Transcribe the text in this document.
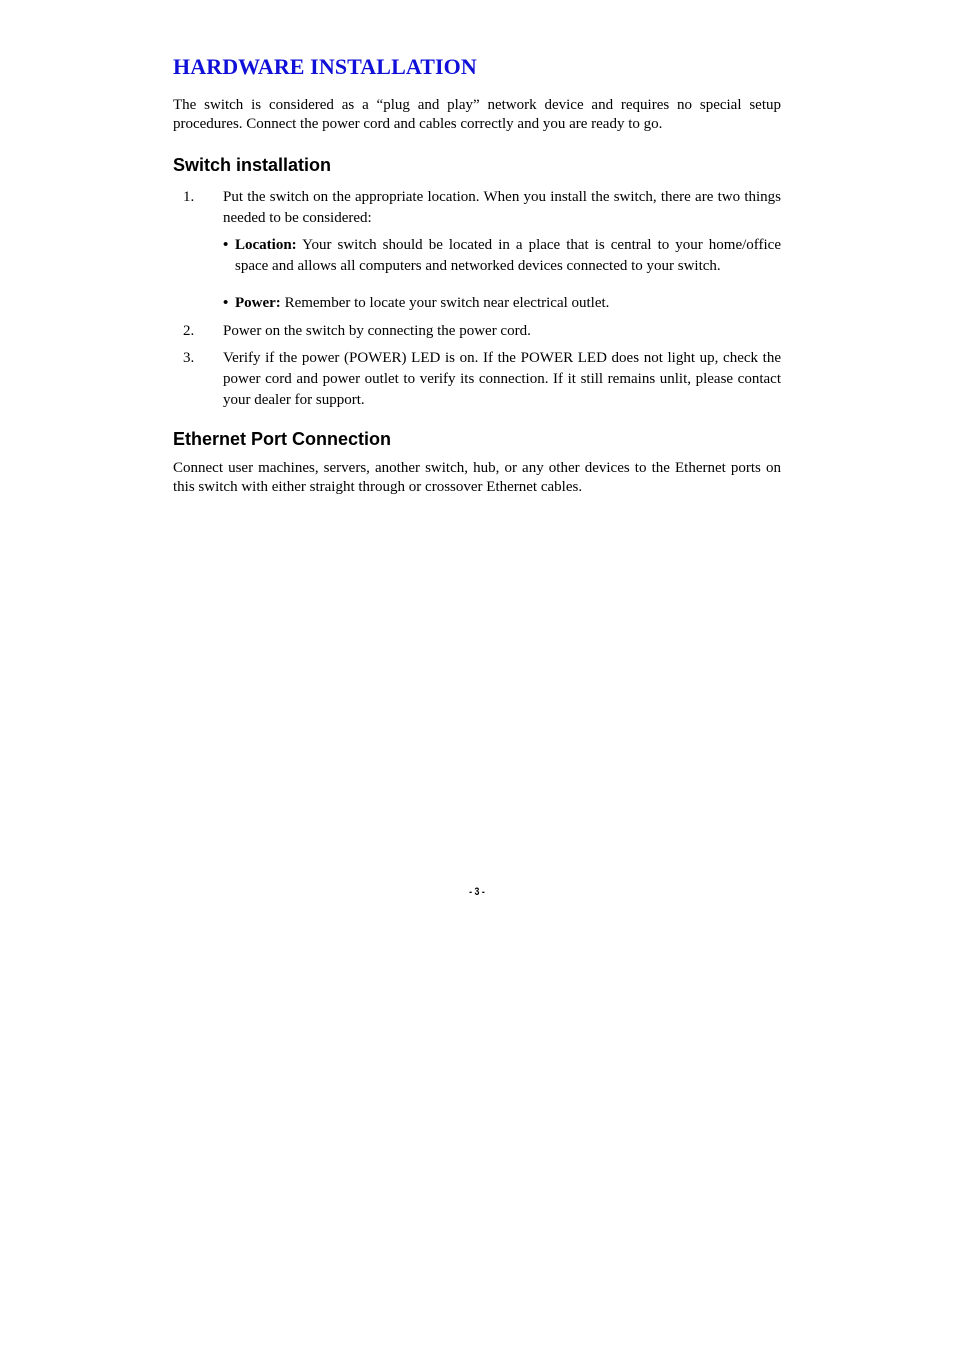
HARDWARE INSTALLATION

The switch is considered as a “plug and play” network device and requires no special setup procedures. Connect the power cord and cables correctly and you are ready to go.

Switch installation
1. Put the switch on the appropriate location. When you install the switch, there are two things needed to be considered:
• Location: Your switch should be located in a place that is central to your home/office space and allows all computers and networked devices connected to your switch.
• Power: Remember to locate your switch near electrical outlet.
2. Power on the switch by connecting the power cord.
3. Verify if the power (POWER) LED is on. If the POWER LED does not light up, check the power cord and power outlet to verify its connection. If it still remains unlit, please contact your dealer for support.
Ethernet Port Connection

Connect user machines, servers, another switch, hub, or any other devices to the Ethernet ports on this switch with either straight through or crossover Ethernet cables.

- 3 -
